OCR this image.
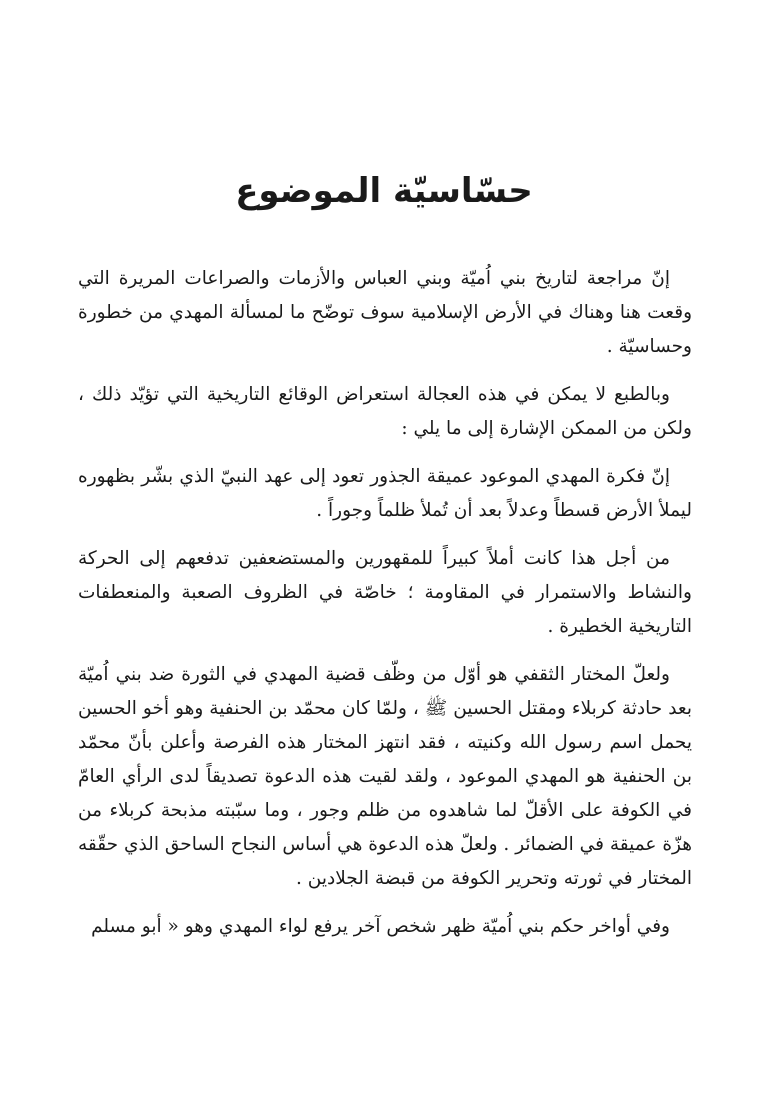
حسّاسيّة الموضوع

إنّ مراجعة لتاريخ بني اُميّة وبني العباس والأزمات والصراعات المريرة التي وقعت هنا وهناك في الأرض الإسلامية سوف توضّح ما لمسألة المهدي من خطورة وحساسيّة .

وبالطبع لا يمكن في هذه العجالة استعراض الوقائع التاريخية التي تؤيّد ذلك ، ولكن من الممكن الإشارة إلى ما يلي :

إنّ فكرة المهدي الموعود عميقة الجذور تعود إلى عهد النبيّ الذي بشّر بظهوره ليملأ الأرض قسطاً وعدلاً بعد أن تُملأ ظلماً وجوراً .

من أجل هذا كانت أملاً كبيراً للمقهورين والمستضعفين تدفعهم إلى الحركة والنشاط والاستمرار في المقاومة ؛ خاصّة في الظروف الصعبة والمنعطفات التاريخية الخطيرة .

ولعلّ المختار الثقفي هو أوّل من وظّف قضية المهدي في الثورة ضد بني اُميّة بعد حادثة كربلاء ومقتل الحسين ﷺ ، ولمّا كان محمّد بن الحنفية وهو أخو الحسين يحمل اسم رسول الله وكنيته ، فقد انتهز المختار هذه الفرصة وأعلن بأنّ محمّد بن الحنفية هو المهدي الموعود ، ولقد لقيت هذه الدعوة تصديقاً لدى الرأي العامّ في الكوفة على الأقلّ لما شاهدوه من ظلم وجور ، وما سبّبته مذبحة كربلاء من هزّة عميقة في الضمائر . ولعلّ هذه الدعوة هي أساس النجاح الساحق الذي حقّقه المختار في ثورته وتحرير الكوفة من قبضة الجلادين .

وفي أواخر حكم بني اُميّة ظهر شخص آخر يرفع لواء المهدي وهو « أبو مسلم
